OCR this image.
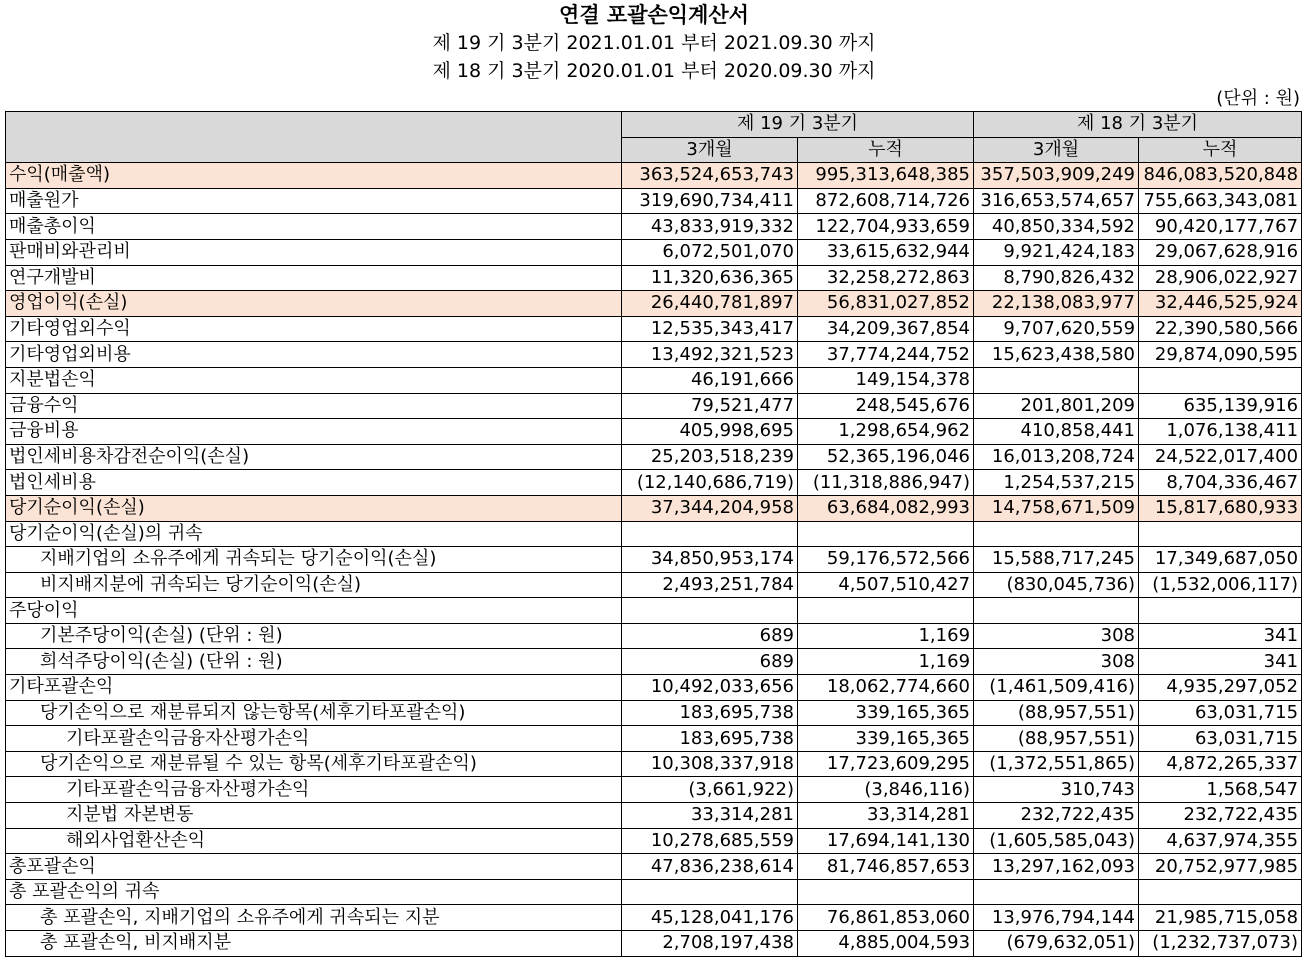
연결 포괄손익계산서
제 19 기 3분기 2021.01.01 부터 2021.09.30 까지
제 18 기 3분기 2020.01.01 부터 2020.09.30 까지
(단위 : 원)
	제 19 기 3분기		제 18 기 3분기	
	3개월	누적	3개월	누적
수익(매출액)	363,524,653,743	995,313,648,385	357,503,909,249	846,083,520,848
매출원가	319,690,734,411	872,608,714,726	316,653,574,657	755,663,343,081
매출총이익	43,833,919,332	122,704,933,659	40,850,334,592	90,420,177,767
판매비와관리비	6,072,501,070	33,615,632,944	9,921,424,183	29,067,628,916
연구개발비	11,320,636,365	32,258,272,863	8,790,826,432	28,906,022,927
영업이익(손실)	26,440,781,897	56,831,027,852	22,138,083,977	32,446,525,924
기타영업외수익	12,535,343,417	34,209,367,854	9,707,620,559	22,390,580,566
기타영업외비용	13,492,321,523	37,774,244,752	15,623,438,580	29,874,090,595
지분법손익	46,191,666	149,154,378		
금융수익	79,521,477	248,545,676	201,801,209	635,139,916
금융비용	405,998,695	1,298,654,962	410,858,441	1,076,138,411
법인세비용차감전순이익(손실)	25,203,518,239	52,365,196,046	16,013,208,724	24,522,017,400
법인세비용	(12,140,686,719)	(11,318,886,947)	1,254,537,215	8,704,336,467
당기순이익(손실)	37,344,204,958	63,684,082,993	14,758,671,509	15,817,680,933
당기순이익(손실)의 귀속				
지배기업의 소유주에게 귀속되는 당기순이익(손실)	34,850,953,174	59,176,572,566	15,588,717,245	17,349,687,050
비지배지분에 귀속되는 당기순이익(손실)	2,493,251,784	4,507,510,427	(830,045,736)	(1,532,006,117)
주당이익				
기본주당이익(손실) (단위 : 원)	689	1,169	308	341
희석주당이익(손실) (단위 : 원)	689	1,169	308	341
기타포괄손익	10,492,033,656	18,062,774,660	(1,461,509,416)	4,935,297,052
당기손익으로 재분류되지 않는항목(세후기타포괄손익)	183,695,738	339,165,365	(88,957,551)	63,031,715
기타포괄손익금융자산평가손익	183,695,738	339,165,365	(88,957,551)	63,031,715
당기손익으로 재분류될 수 있는 항목(세후기타포괄손익)	10,308,337,918	17,723,609,295	(1,372,551,865)	4,872,265,337
기타포괄손익금융자산평가손익	(3,661,922)	(3,846,116)	310,743	1,568,547
지분법 자본변동	33,314,281	33,314,281	232,722,435	232,722,435
해외사업환산손익	10,278,685,559	17,694,141,130	(1,605,585,043)	4,637,974,355
총포괄손익	47,836,238,614	81,746,857,653	13,297,162,093	20,752,977,985
총 포괄손익의 귀속				
총 포괄손익, 지배기업의 소유주에게 귀속되는 지분	45,128,041,176	76,861,853,060	13,976,794,144	21,985,715,058
총 포괄손익, 비지배지분	2,708,197,438	4,885,004,593	(679,632,051)	(1,232,737,073)
